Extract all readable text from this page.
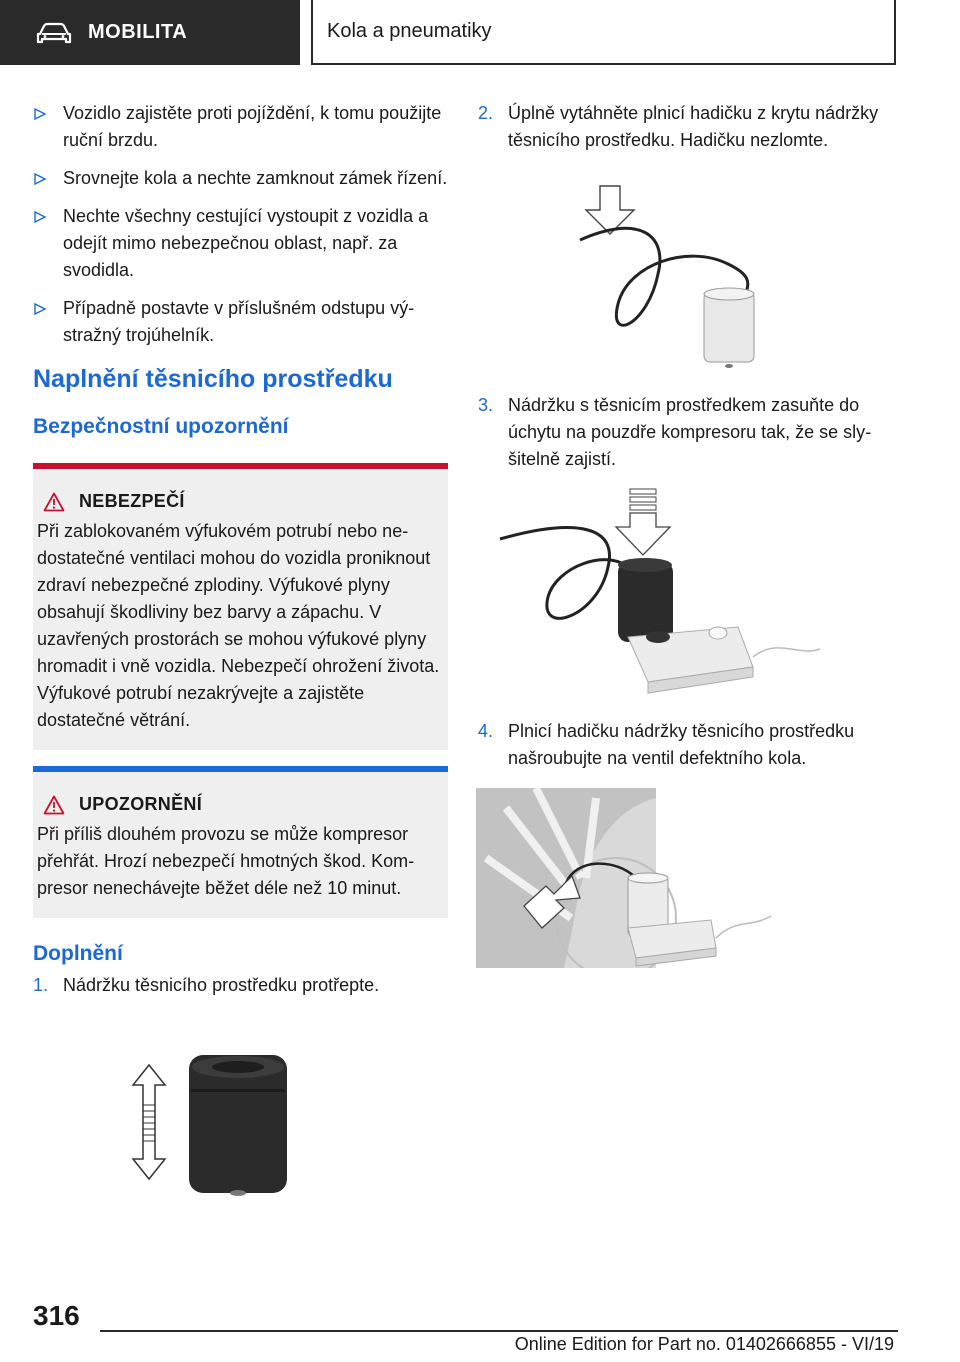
MOBILITA	Kola a pneumatiky
Vozidlo zajistěte proti pojíždění, k tomu použijte ruční brzdu.
Srovnejte kola a nechte zamknout zámek řízení.
Nechte všechny cestující vystoupit z vozidla a odejít mimo nebezpečnou oblast, např. za svodidla.
Případně postavte v příslušném odstupu výstražný trojúhelník.
Naplnění těsnicího prostředku
Bezpečnostní upozornění
NEBEZPEČÍ

Při zablokovaném výfukovém potrubí nebo nedostatečné ventilaci mohou do vozidla proniknout zdraví nebezpečné zplodiny. Výfukové plyny obsahují škodliviny bez barvy a zápachu. V uzavřených prostorách se mohou výfukové plyny hromadit i vně vozidla. Nebezpečí ohrožení života. Výfukové potrubí nezakrývejte a zajistěte dostatečné větrání.

UPOZORNĚNÍ

Při příliš dlouhém provozu se může kompresor přehřát. Hrozí nebezpečí hmotných škod. Kompresor nenechávejte běžet déle než 10 minut.

Doplnění
1. Nádržku těsnicího prostředku protřepte.
2. Úplně vytáhněte plnicí hadičku z krytu nádržky těsnicího prostředku. Hadičku nezlomte.
3. Nádržku s těsnicím prostředkem zasuňte do úchytu na pouzdře kompresoru tak, že se slyšitelně zajistí.
4. Plnicí hadičku nádržky těsnicího prostředku našroubujte na ventil defektního kola.
316
Online Edition for Part no. 01402666855 - VI/19
